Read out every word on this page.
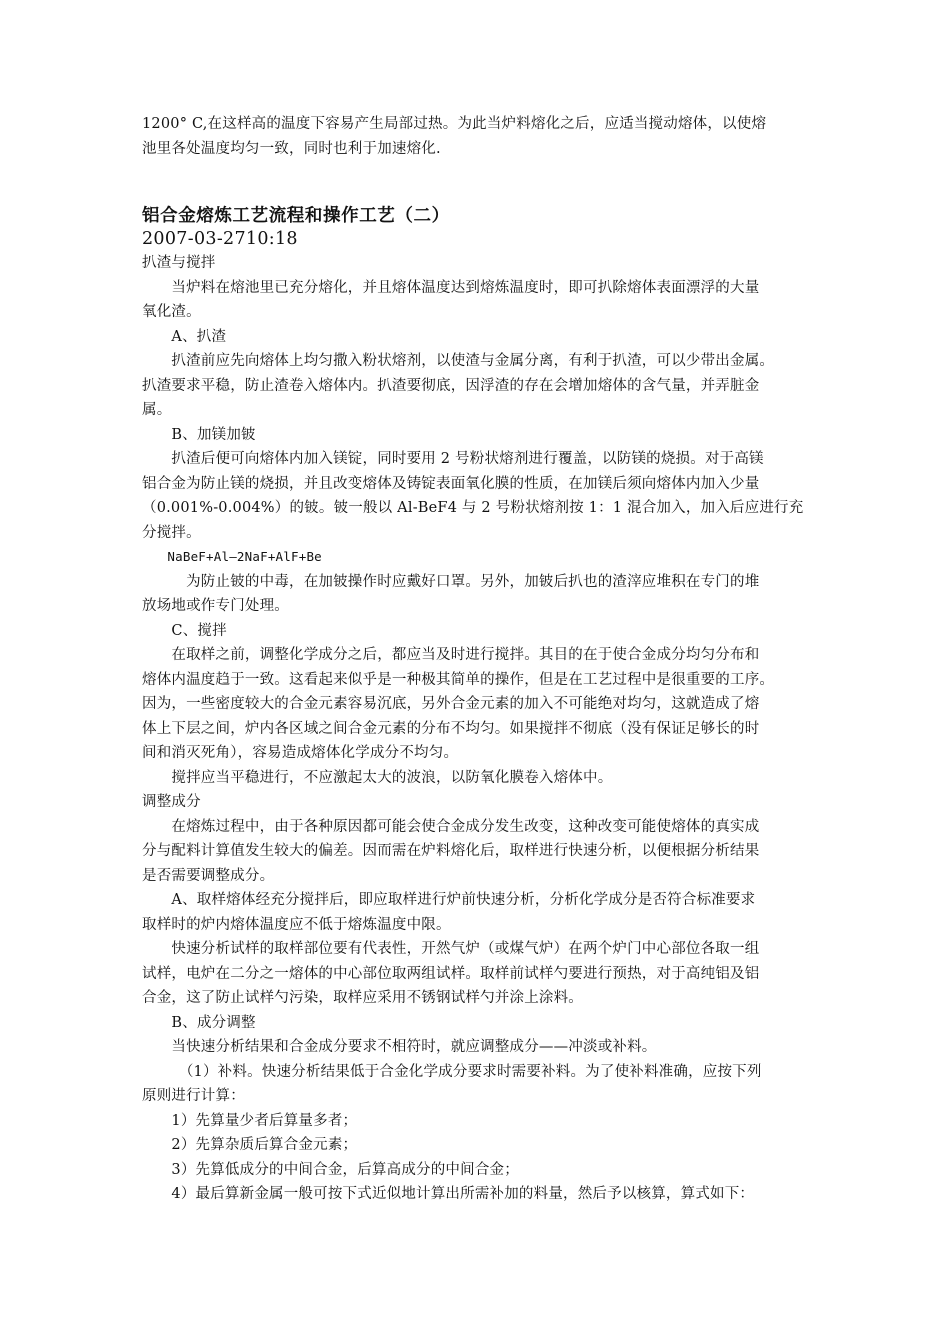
1200° C,在这样高的温度下容易产生局部过热。为此当炉料熔化之后，应适当搅动熔体，以使熔

池里各处温度均匀一致，同时也利于加速熔化.

铝合金熔炼工艺流程和操作工艺（二）
2007-03-2710:18

扒渣与搅拌

　　当炉料在熔池里已充分熔化，并且熔体温度达到熔炼温度时，即可扒除熔体表面漂浮的大量

氧化渣。

　　A、扒渣

　　扒渣前应先向熔体上均匀撒入粉状熔剂，以使渣与金属分离，有利于扒渣，可以少带出金属。

扒渣要求平稳，防止渣卷入熔体内。扒渣要彻底，因浮渣的存在会增加熔体的含气量，并弄脏金

属。

　　B、加镁加铍

　　扒渣后便可向熔体内加入镁锭，同时要用 2 号粉状熔剂进行覆盖，以防镁的烧损。对于高镁

铝合金为防止镁的烧损，并且改变熔体及铸锭表面氧化膜的性质，在加镁后须向熔体内加入少量

（0.001%-0.004%）的铍。铍一般以 Al-BeF4 与 2 号粉状熔剂按 1：1 混合加入，加入后应进行充

分搅拌。

　　NaBeF+Al—2NaF+AlF+Be

　　　为防止铍的中毒，在加铍操作时应戴好口罩。另外，加铍后扒也的渣滓应堆积在专门的堆

放场地或作专门处理。

　　C、搅拌

　　在取样之前，调整化学成分之后，都应当及时进行搅拌。其目的在于使合金成分均匀分布和

熔体内温度趋于一致。这看起来似乎是一种极其简单的操作，但是在工艺过程中是很重要的工序。

因为，一些密度较大的合金元素容易沉底，另外合金元素的加入不可能绝对均匀，这就造成了熔

体上下层之间，炉内各区域之间合金元素的分布不均匀。如果搅拌不彻底（没有保证足够长的时

间和消灭死角），容易造成熔体化学成分不均匀。

　　搅拌应当平稳进行，不应激起太大的波浪，以防氧化膜卷入熔体中。

调整成分

　　在熔炼过程中，由于各种原因都可能会使合金成分发生改变，这种改变可能使熔体的真实成

分与配料计算值发生较大的偏差。因而需在炉料熔化后，取样进行快速分析，以便根据分析结果

是否需要调整成分。

　　A、取样熔体经充分搅拌后，即应取样进行炉前快速分析，分析化学成分是否符合标准要求

取样时的炉内熔体温度应不低于熔炼温度中限。

　　快速分析试样的取样部位要有代表性，开然气炉（或煤气炉）在两个炉门中心部位各取一组

试样，电炉在二分之一熔体的中心部位取两组试样。取样前试样勺要进行预热，对于高纯铝及铝

合金，这了防止试样勺污染，取样应采用不锈钢试样勺并涂上涂料。

　　B、成分调整

　　当快速分析结果和合金成分要求不相符时，就应调整成分——冲淡或补料。

　　　（1）补料。快速分析结果低于合金化学成分要求时需要补料。为了使补料准确，应按下列

原则进行计算：

　　1）先算量少者后算量多者；

　　2）先算杂质后算合金元素；

　　3）先算低成分的中间合金，后算高成分的中间合金；

　　4）最后算新金属一般可按下式近似地计算出所需补加的料量，然后予以核算，算式如下：
